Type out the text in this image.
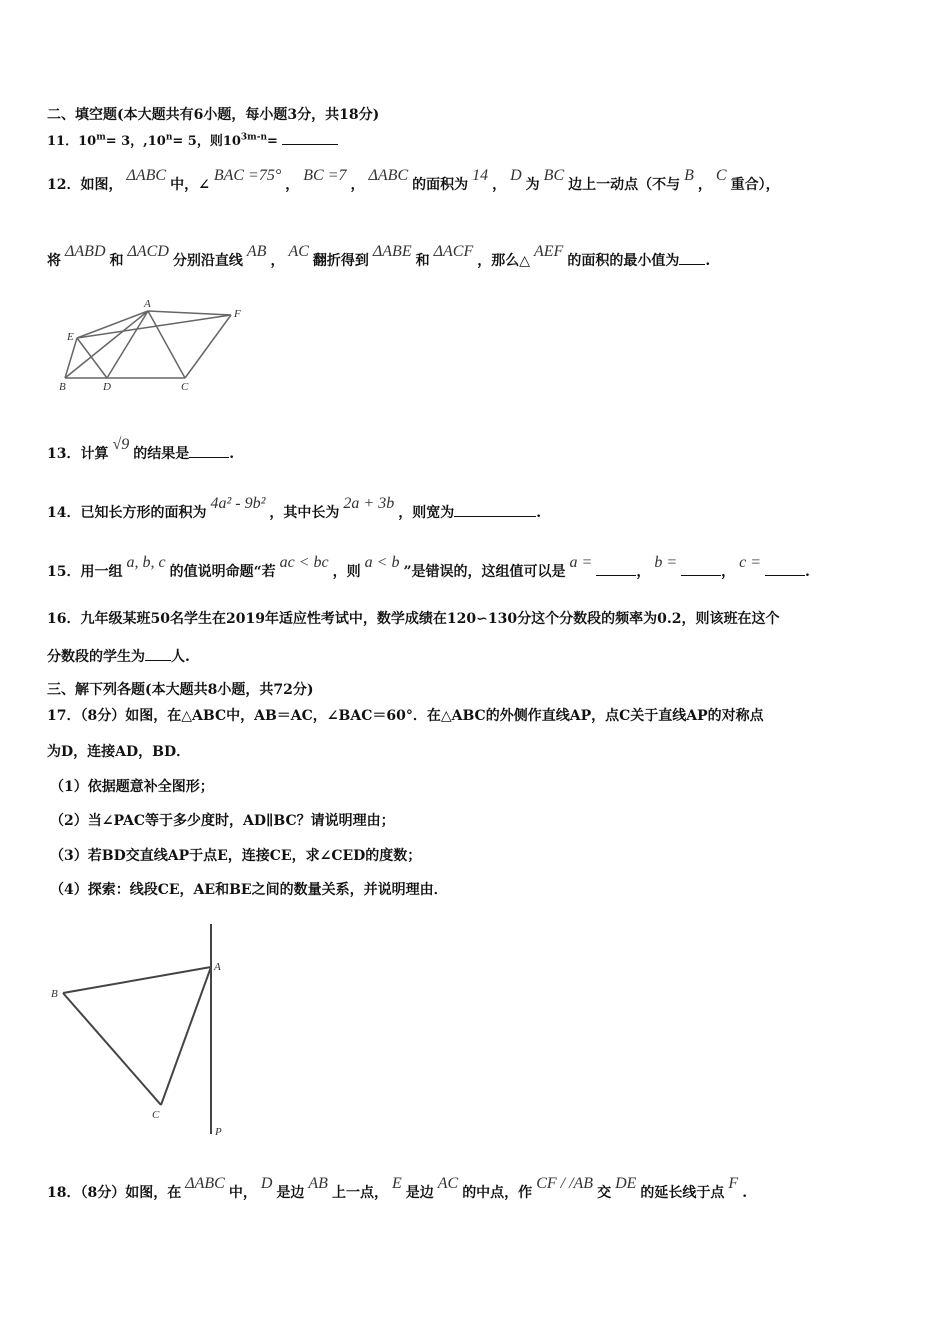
二、填空题(本大题共有6小题，每小题3分，共18分)
11．$10^m= 3$，$,10^n= 5$，则$10^{3m-n}=$
12．如图，ΔABC中，∠BAC =75°，BC =7，ΔABC的面积为14，D为BC边上一动点（不与B，C重合），
将ΔABD和ΔACD分别沿直线AB，AC翻折得到ΔABE和ΔACF，那么△AEF的面积的最小值为 .
A
E
F
B	D	C
13．计算√9的结果是	.
14．已知长方形的面积为4a² - 9b²，其中长为2a + 3b，则宽为	.
15．用一组a, b, c的值说明命题“若ac < bc，则a < b”是错误的，这组值可以是a =，b =，c =.
16．九年级某班50名学生在2019年适应性考试中，数学成绩在120∽130分这个分数段的频率为0.2，则该班在这个
分数段的学生为 人.
三、解下列各题(本大题共8小题，共72分)
17．（8分）如图，在△ABC中，AB＝AC，∠BAC＝60°．在△ABC的外侧作直线AP，点C关于直线AP的对称点
为D，连接AD，BD．
（1）依据题意补全图形；
（2）当∠PAC等于多少度时，AD∥BC？请说明理由；
（3）若BD交直线AP于点E，连接CE，求∠CED的度数；
（4）探索：线段CE，AE和BE之间的数量关系，并说明理由．
A
B
C
P
18．（8分）如图，在ΔABC中，D是边AB上一点，E是边AC的中点，作CF / /AB交DE的延长线于点F.
